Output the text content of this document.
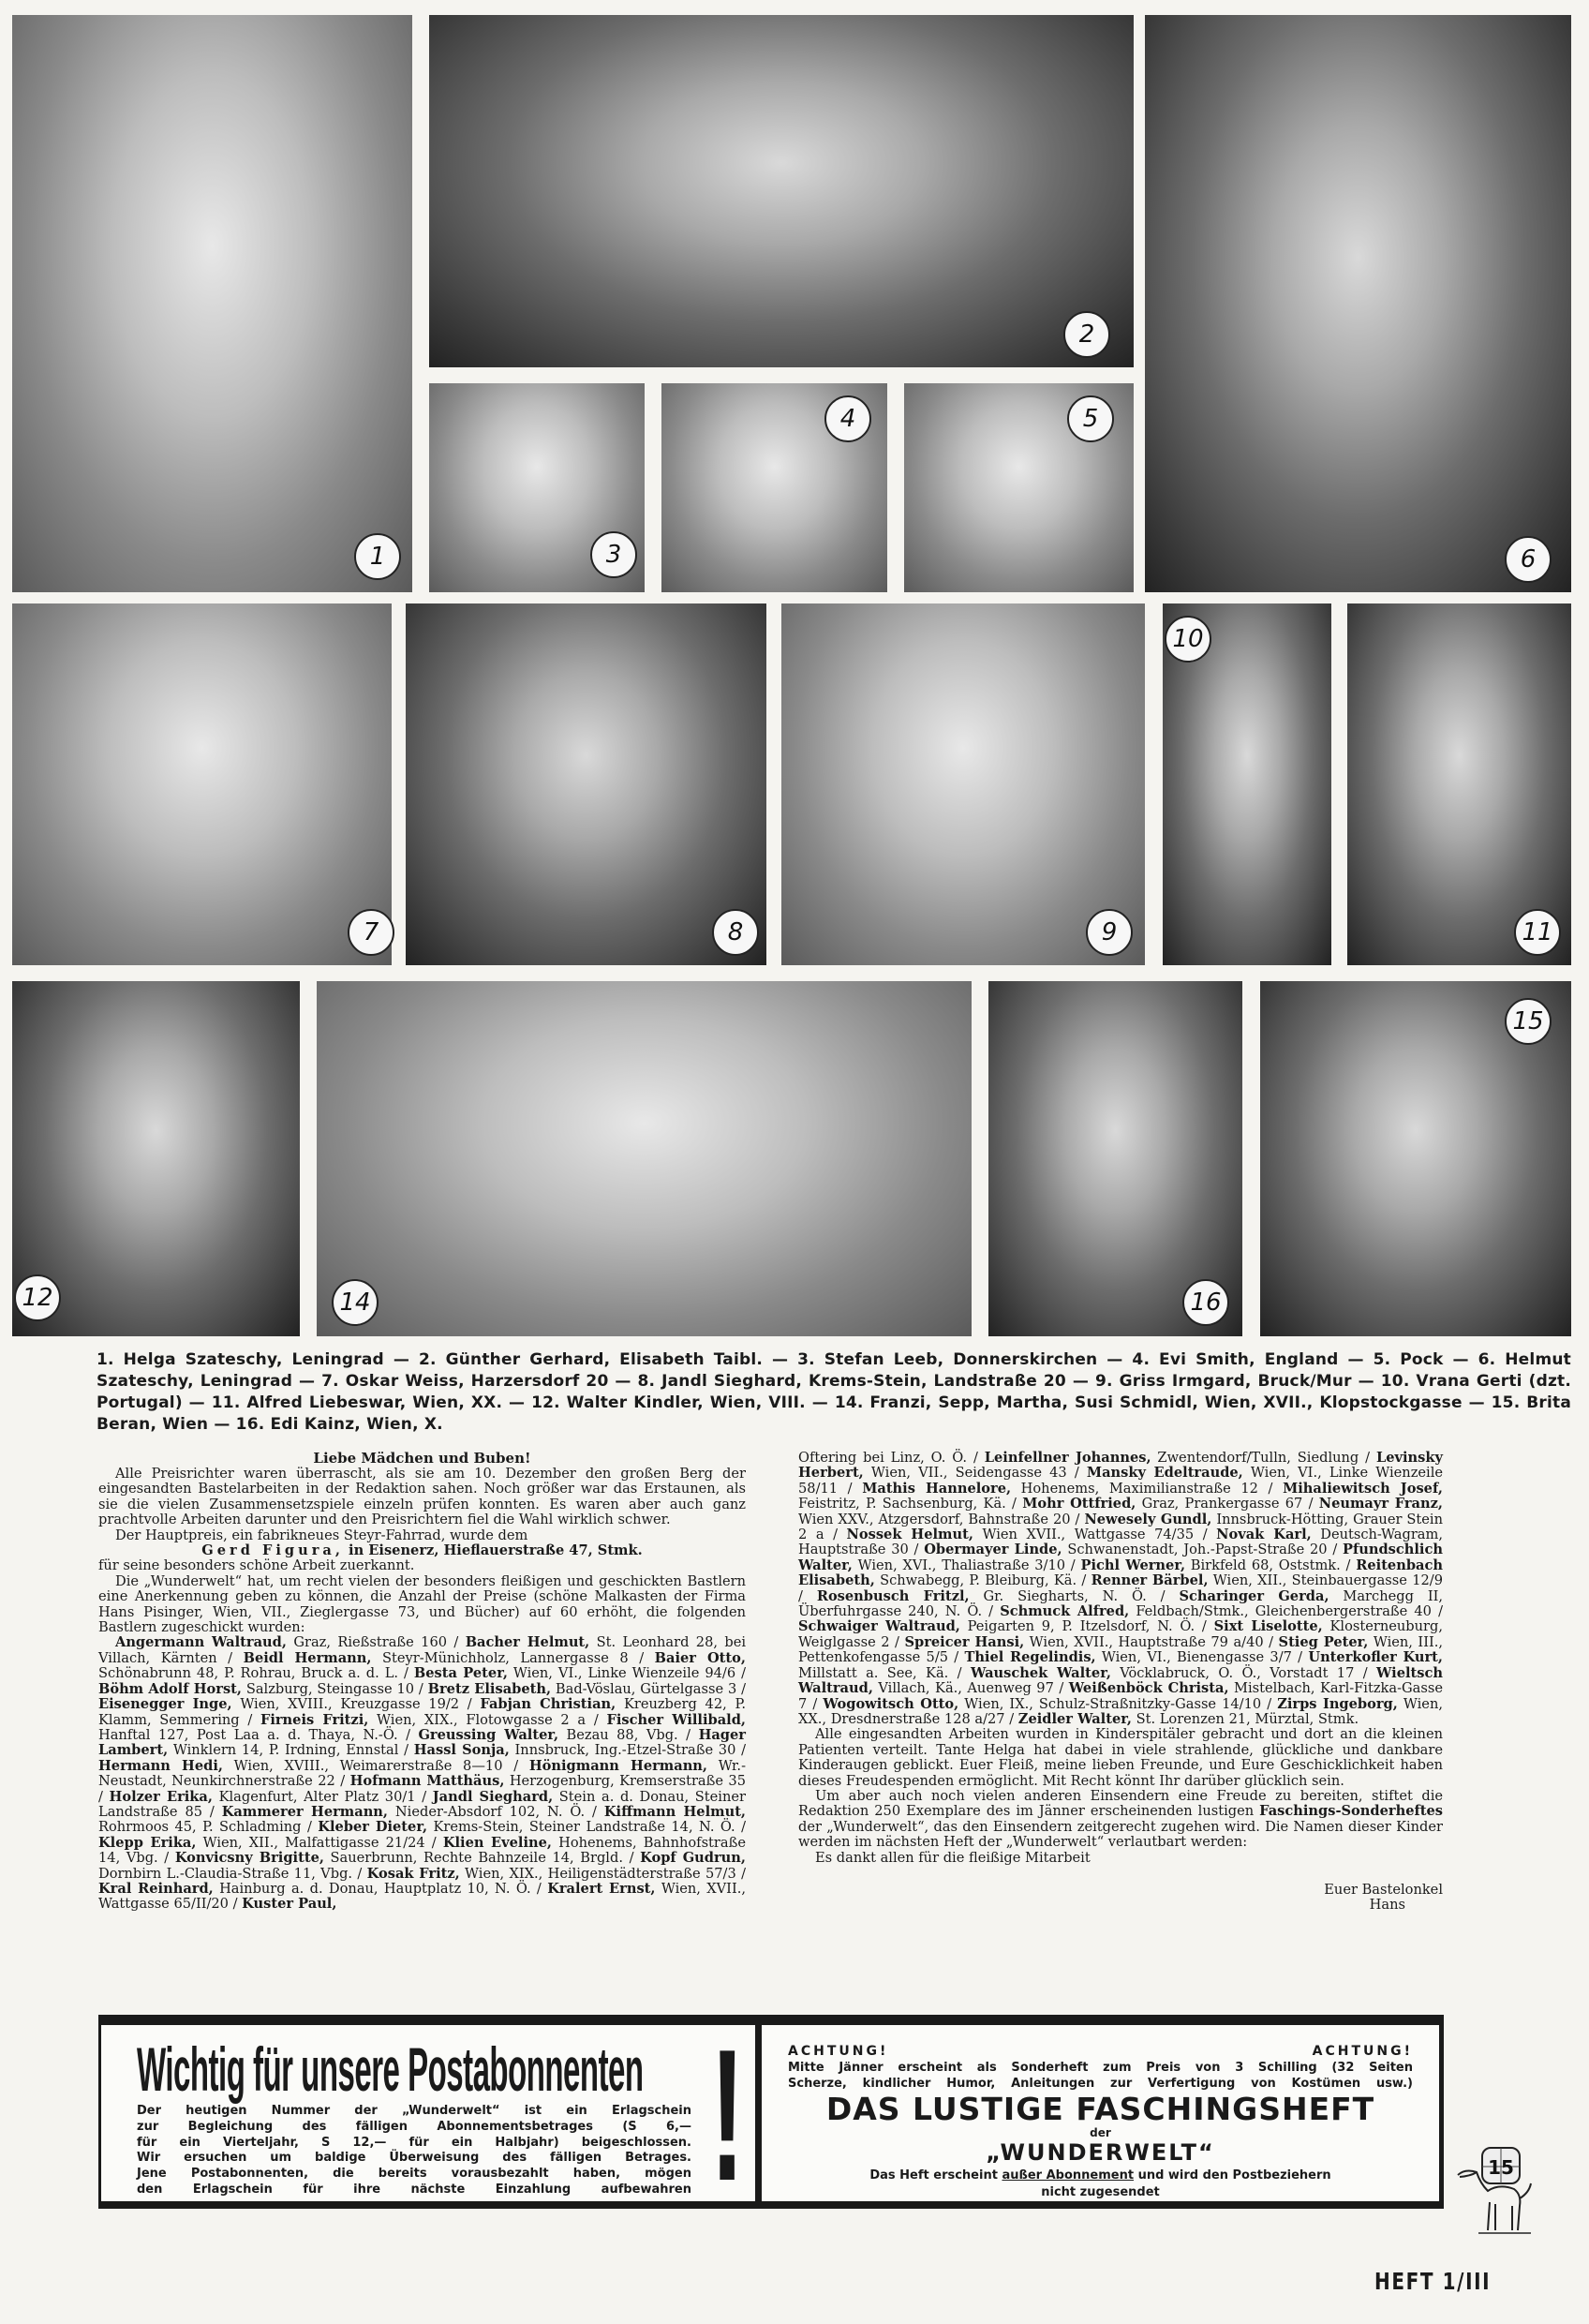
1
2
3
4	5
6
7	8	9
10
11
12	14	16
15
1. Helga Szateschy, Leningrad — 2. Günther Gerhard, Elisabeth Taibl. — 3. Stefan Leeb, Donnerskirchen — 4. Evi Smith, England — 5. Pock — 6. Helmut Szateschy, Leningrad — 7. Oskar Weiss, Harzersdorf 20 — 8. Jandl Sieghard, Krems-Stein, Landstraße 20 — 9. Griss Irmgard, Bruck/Mur — 10. Vrana Gerti (dzt. Portugal) — 11. Alfred Liebeswar, Wien, XX. — 12. Walter Kindler, Wien, VIII. — 14. Franzi, Sepp, Martha, Susi Schmidl, Wien, XVII., Klopstockgasse — 15. Brita Beran, Wien — 16. Edi Kainz, Wien, X.
Liebe Mädchen und Buben!

Alle Preisrichter waren überrascht, als sie am 10. Dezember den großen Berg der eingesandten Bastelarbeiten in der Redaktion sahen. Noch größer war das Erstaunen, als sie die vielen Zusammensetzspiele einzeln prüfen konnten. Es waren aber auch ganz prachtvolle Arbeiten darunter und den Preisrichtern fiel die Wahl wirklich schwer.

Der Hauptpreis, ein fabrikneues Steyr-Fahrrad, wurde dem

Gerd Figura, in Eisenerz, Hieflauerstraße 47, Stmk.

für seine besonders schöne Arbeit zuerkannt.

Die „Wunderwelt“ hat, um recht vielen der besonders fleißigen und geschickten Bastlern eine Anerkennung geben zu können, die Anzahl der Preise (schöne Malkasten der Firma Hans Pisinger, Wien, VII., Zieglergasse 73, und Bücher) auf 60 erhöht, die folgenden Bastlern zugeschickt wurden:

Angermann Waltraud, Graz, Rießstraße 160 / Bacher Helmut, St. Leonhard 28, bei Villach, Kärnten / Beidl Hermann, Steyr-Münichholz, Lannergasse 8 / Baier Otto, Schönabrunn 48, P. Rohrau, Bruck a. d. L. / Besta Peter, Wien, VI., Linke Wienzeile 94/6 / Böhm Adolf Horst, Salzburg, Steingasse 10 / Bretz Elisabeth, Bad-Vöslau, Gürtelgasse 3 / Eisenegger Inge, Wien, XVIII., Kreuzgasse 19/2 / Fabjan Christian, Kreuzberg 42, P. Klamm, Semmering / Firneis Fritzi, Wien, XIX., Flotowgasse 2 a / Fischer Willibald, Hanftal 127, Post Laa a. d. Thaya, N.-Ö. / Greussing Walter, Bezau 88, Vbg. / Hager Lambert, Winklern 14, P. Irdning, Ennstal / Hassl Sonja, Innsbruck, Ing.-Etzel-Straße 30 / Hermann Hedi, Wien, XVIII., Weimarerstraße 8—10 / Hönigmann Hermann, Wr.-Neustadt, Neunkirchnerstraße 22 / Hofmann Matthäus, Herzogenburg, Kremserstraße 35 / Holzer Erika, Klagenfurt, Alter Platz 30/1 / Jandl Sieghard, Stein a. d. Donau, Steiner Landstraße 85 / Kammerer Hermann, Nieder-Absdorf 102, N. Ö. / Kiffmann Helmut, Rohrmoos 45, P. Schladming / Kleber Dieter, Krems-Stein, Steiner Landstraße 14, N. Ö. / Klepp Erika, Wien, XII., Malfattigasse 21/24 / Klien Eveline, Hohenems, Bahnhofstraße 14, Vbg. / Konvicsny Brigitte, Sauerbrunn, Rechte Bahnzeile 14, Brgld. / Kopf Gudrun, Dornbirn L.-Claudia-Straße 11, Vbg. / Kosak Fritz, Wien, XIX., Heiligenstädterstraße 57/3 / Kral Reinhard, Hainburg a. d. Donau, Hauptplatz 10, N. Ö. / Kralert Ernst, Wien, XVII., Wattgasse 65/II/20 / Kuster Paul,

Oftering bei Linz, O. Ö. / Leinfellner Johannes, Zwentendorf/Tulln, Siedlung / Levinsky Herbert, Wien, VII., Seidengasse 43 / Mansky Edeltraude, Wien, VI., Linke Wienzeile 58/11 / Mathis Hannelore, Hohenems, Maximilianstraße 12 / Mihaliewitsch Josef, Feistritz, P. Sachsenburg, Kä. / Mohr Ottfried, Graz, Prankergasse 67 / Neumayr Franz, Wien XXV., Atzgersdorf, Bahnstraße 20 / Newesely Gundl, Innsbruck-Hötting, Grauer Stein 2 a / Nossek Helmut, Wien XVII., Wattgasse 74/35 / Novak Karl, Deutsch-Wagram, Hauptstraße 30 / Obermayer Linde, Schwanenstadt, Joh.-Papst-Straße 20 / Pfundschlich Walter, Wien, XVI., Thaliastraße 3/10 / Pichl Werner, Birkfeld 68, Oststmk. / Reitenbach Elisabeth, Schwabegg, P. Bleiburg, Kä. / Renner Bärbel, Wien, XII., Steinbauergasse 12/9 / Rosenbusch Fritzl, Gr. Siegharts, N. Ö. / Scharinger Gerda, Marchegg II, Überfuhrgasse 240, N. Ö. / Schmuck Alfred, Feldbach/Stmk., Gleichenbergerstraße 40 / Schwaiger Waltraud, Peigarten 9, P. Itzelsdorf, N. Ö. / Sixt Liselotte, Klosterneuburg, Weiglgasse 2 / Spreicer Hansi, Wien, XVII., Hauptstraße 79 a/40 / Stieg Peter, Wien, III., Pettenkofengasse 5/5 / Thiel Regelindis, Wien, VI., Bienengasse 3/7 / Unterkofler Kurt, Millstatt a. See, Kä. / Wauschek Walter, Vöcklabruck, O. Ö., Vorstadt 17 / Wieltsch Waltraud, Villach, Kä., Auenweg 97 / Weißenböck Christa, Mistelbach, Karl-Fitzka-Gasse 7 / Wogowitsch Otto, Wien, IX., Schulz-Straßnitzky-Gasse 14/10 / Zirps Ingeborg, Wien, XX., Dresdnerstraße 128 a/27 / Zeidler Walter, St. Lorenzen 21, Mürztal, Stmk.

Alle eingesandten Arbeiten wurden in Kinderspitäler gebracht und dort an die kleinen Patienten verteilt. Tante Helga hat dabei in viele strahlende, glückliche und dankbare Kinderaugen geblickt. Euer Fleiß, meine lieben Freunde, und Eure Geschicklichkeit haben dieses Freudespenden ermöglicht. Mit Recht könnt Ihr darüber glücklich sein.

Um aber auch noch vielen anderen Einsendern eine Freude zu bereiten, stiftet die Redaktion 250 Exemplare des im Jänner erscheinenden lustigen Faschings-Sonderheftes der „Wunderwelt“, das den Einsendern zeitgerecht zugehen wird. Die Namen dieser Kinder werden im nächsten Heft der „Wunderwelt“ verlautbart werden:

Es dankt allen für die fleißige Mitarbeit

Euer Bastelonkel
Hans

Wichtig für unsere Postabonnenten !
Der heutigen Nummer der „Wunderwelt“ ist ein Erlagschein
zur Begleichung des fälligen Abonnementsbetrages (S 6,—
für ein Vierteljahr, S 12,— für ein Halbjahr) beigeschlossen.
Wir ersuchen um baldige Überweisung des fälligen Betrages.
Jene Postabonnenten, die bereits vorausbezahlt haben, mögen
den Erlagschein für ihre nächste Einzahlung aufbewahren
ACHTUNG!	ACHTUNG!
Mitte Jänner erscheint als Sonderheft zum Preis von 3 Schilling (32 Seiten
Scherze, kindlicher Humor, Anleitungen zur Verfertigung von Kostümen usw.)
DAS LUSTIGE FASCHINGSHEFT
der
„WUNDERWELT“
Das Heft erscheint außer Abonnement und wird den Postbeziehern
nicht zugesendet
15
HEFT 1/III
